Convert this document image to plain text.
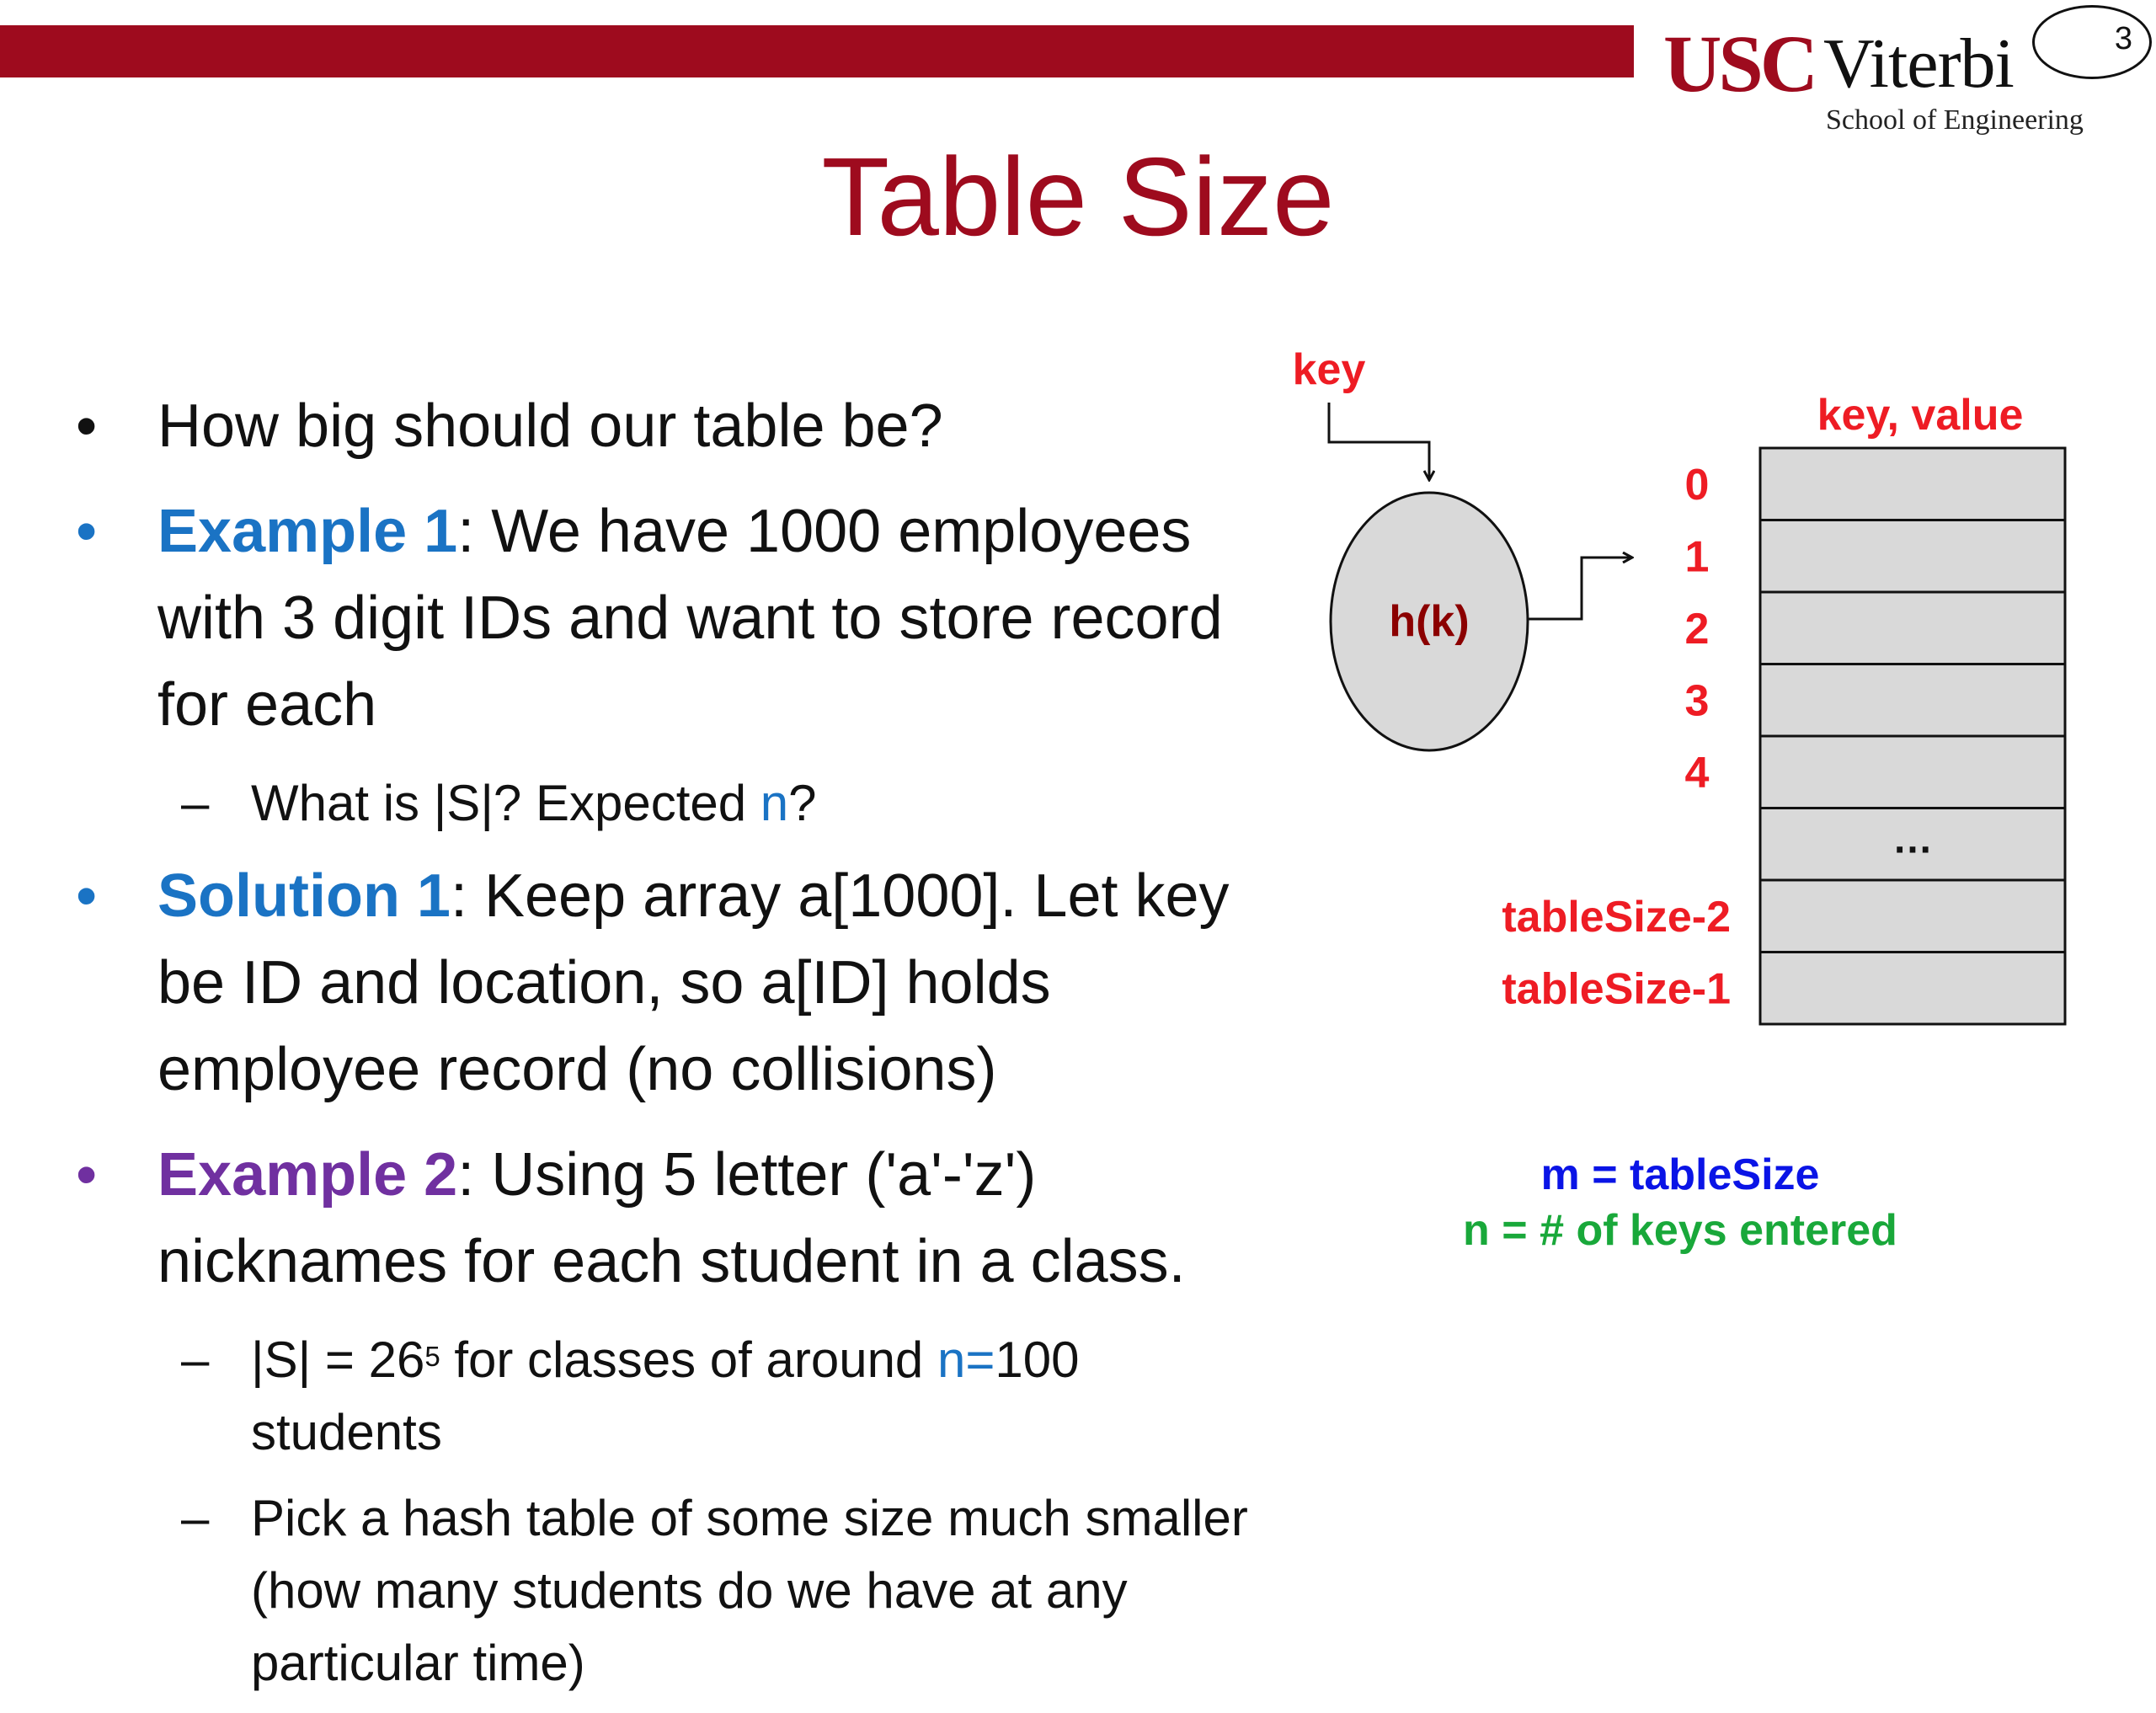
USC Viterbi
School of Engineering
3
Table Size
• How big should our table be?
• Example 1: We have 1000 employees with 3 digit IDs and want to store record for each
– What is |S|? Expected n?
• Solution 1: Keep array a[1000]. Let key be ID and location, so a[ID] holds employee record (no collisions)
• Example 2: Using 5 letter ('a'-'z') nicknames for each student in a class.
– $|S| = 26^5$ for classes of around n=100 students
– Pick a hash table of some size much smaller (how many students do we have at any particular time)
key
h(k)
key, value
…
0
1
2
3
4
tableSize-2
tableSize-1
m = tableSize
n = # of keys entered
